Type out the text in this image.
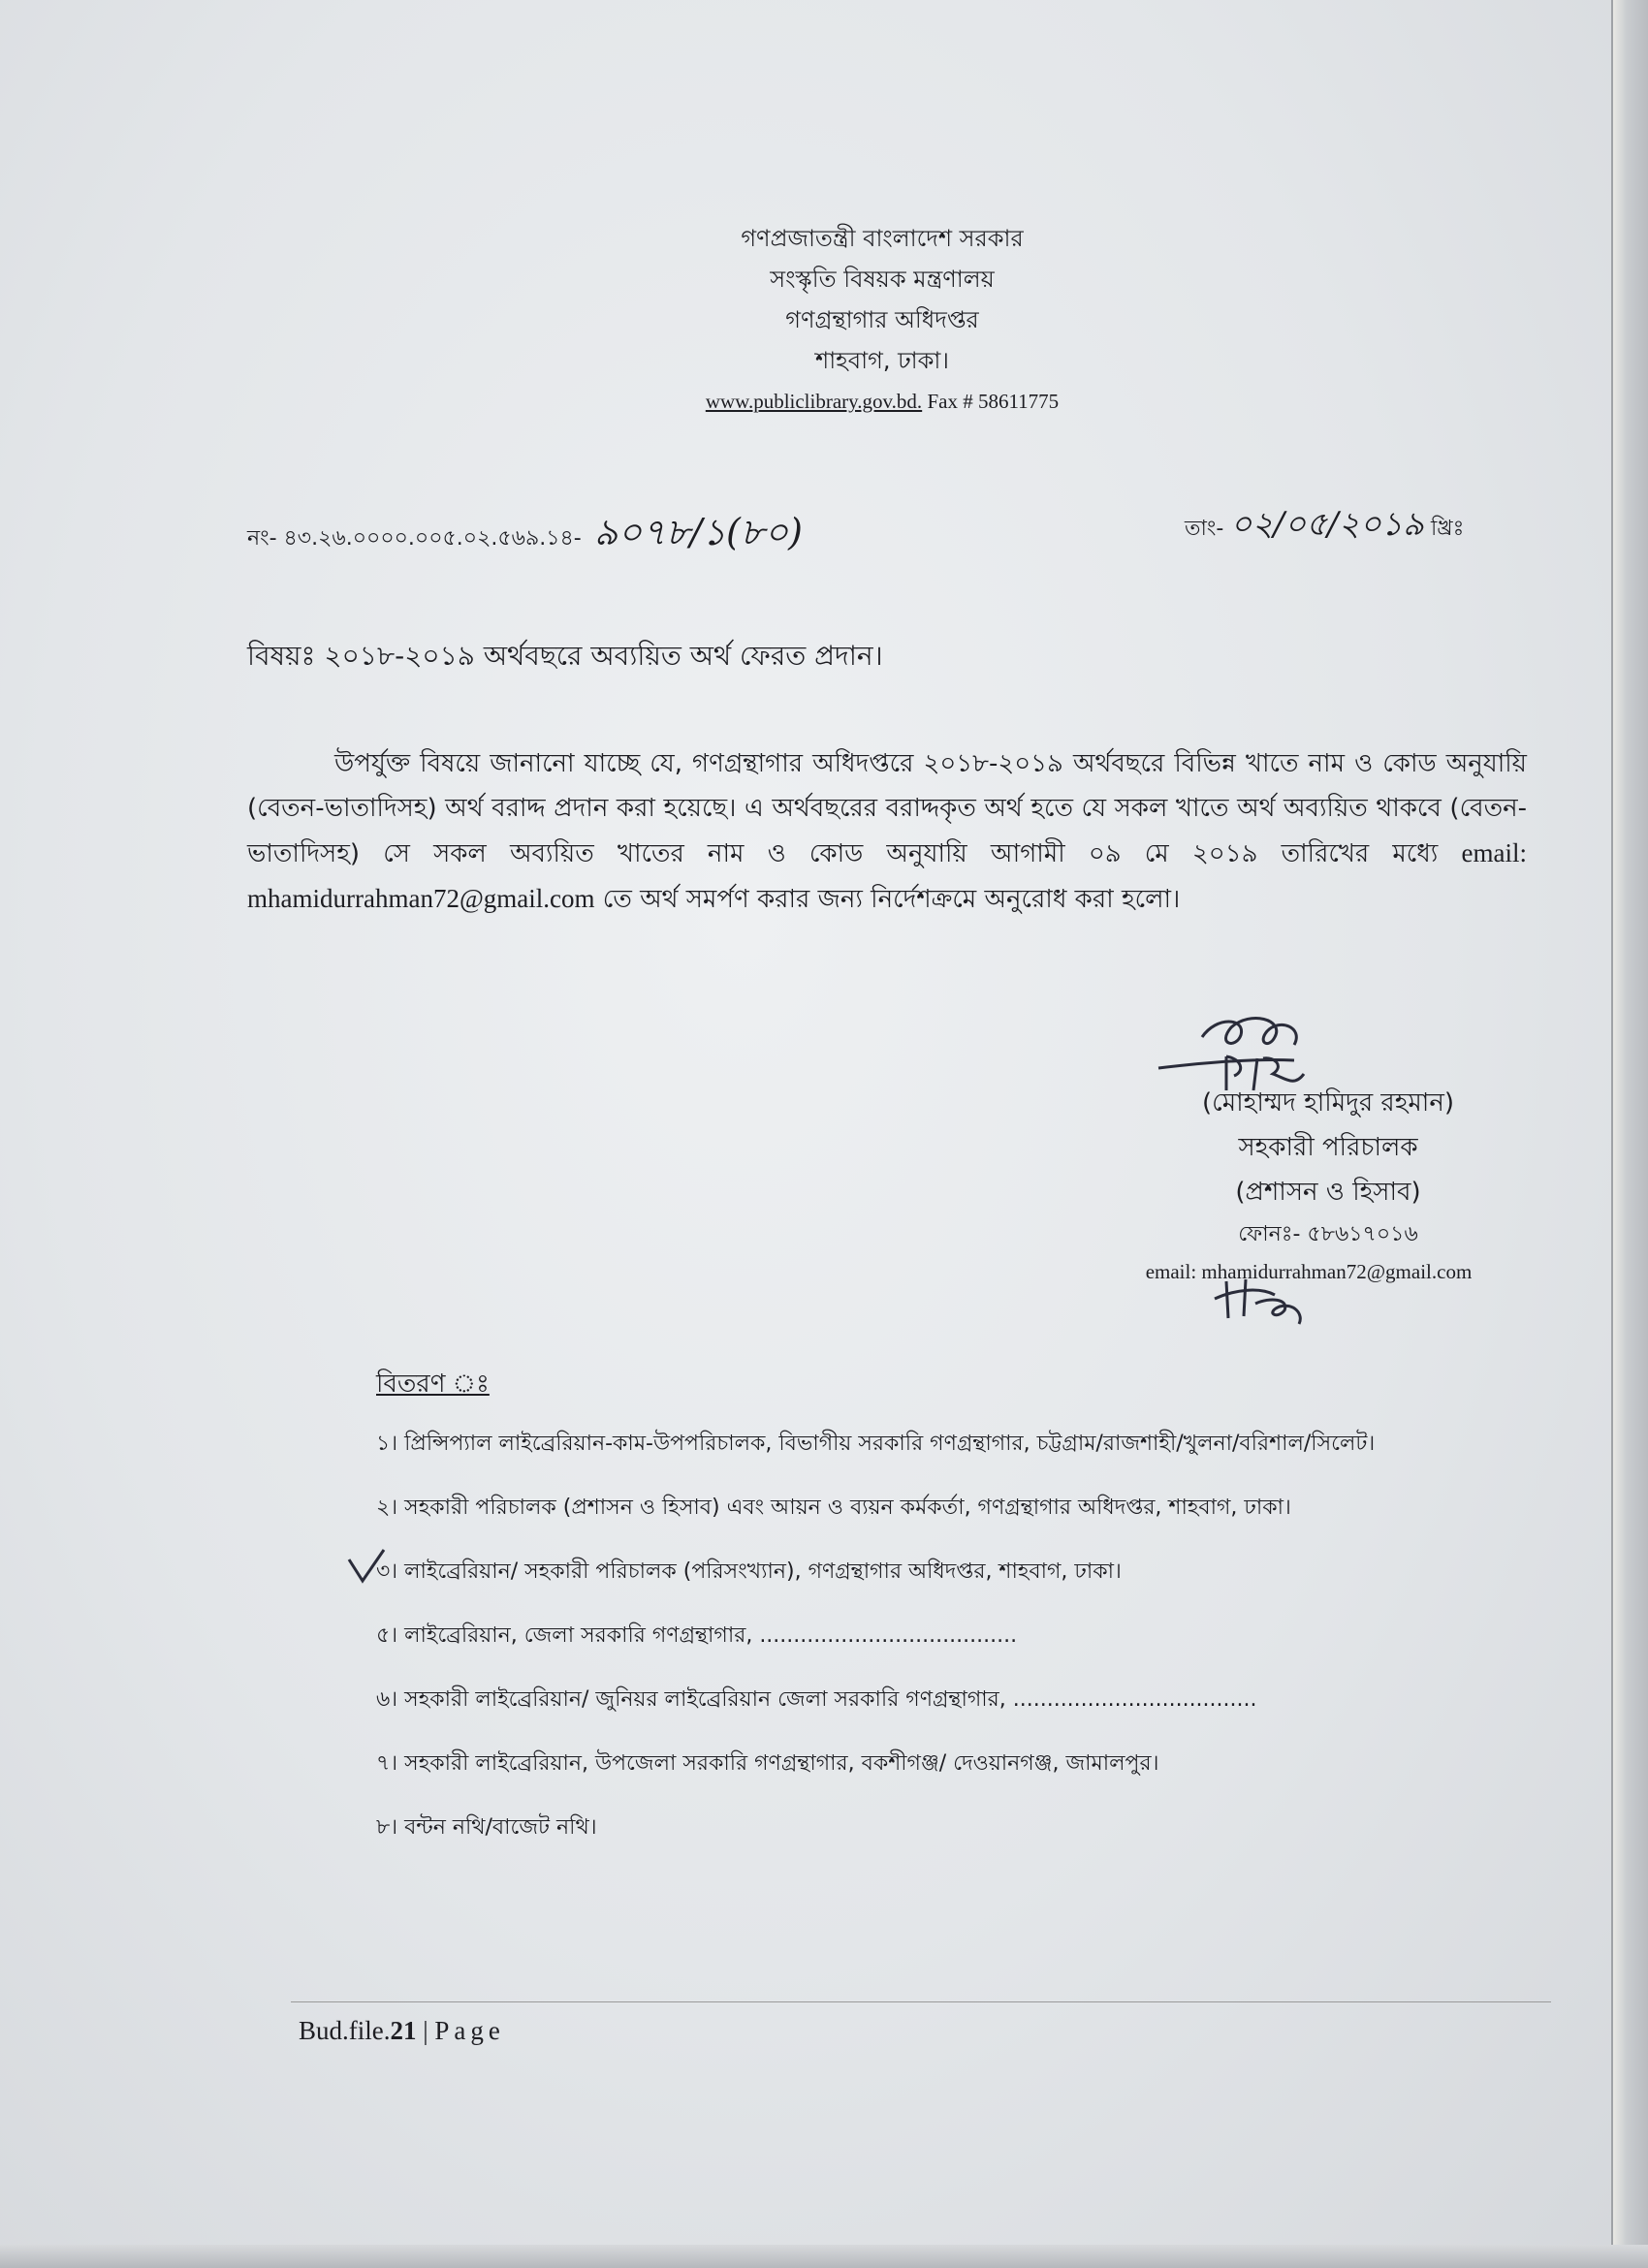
গণপ্রজাতন্ত্রী বাংলাদেশ সরকার
সংস্কৃতি বিষয়ক মন্ত্রণালয়
গণগ্রন্থাগার অধিদপ্তর
শাহবাগ, ঢাকা।
www.publiclibrary.gov.bd. Fax # 58611775
নং- ৪৩.২৬.০০০০.০০৫.০২.৫৬৯.১৪- ৯০৭৮/১(৮০)	তাং- ০২/০৫/২০১৯ খ্রিঃ
বিষয়ঃ ২০১৮-২০১৯ অর্থবছরে অব্যয়িত অর্থ ফেরত প্রদান।
উপর্যুক্ত বিষয়ে জানানো যাচ্ছে যে, গণগ্রন্থাগার অধিদপ্তরে ২০১৮-২০১৯ অর্থবছরে বিভিন্ন খাতে নাম ও কোড অনুযায়ি (বেতন-ভাতাদিসহ) অর্থ বরাদ্দ প্রদান করা হয়েছে। এ অর্থবছরের বরাদ্দকৃত অর্থ হতে যে সকল খাতে অর্থ অব্যয়িত থাকবে (বেতন-ভাতাদিসহ) সে সকল অব্যয়িত খাতের নাম ও কোড অনুযায়ি আগামী ০৯ মে ২০১৯ তারিখের মধ্যে email: mhamidurrahman72@gmail.com তে অর্থ সমর্পণ করার জন্য নির্দেশক্রমে অনুরোধ করা হলো।
(মোহাম্মদ হামিদুর রহমান)
সহকারী পরিচালক
(প্রশাসন ও হিসাব)
ফোনঃ- ৫৮৬১৭০১৬
email: mhamidurrahman72@gmail.com
বিতরণ ঃ
১। প্রিন্সিপ্যাল লাইব্রেরিয়ান-কাম-উপপরিচালক, বিভাগীয় সরকারি গণগ্রন্থাগার, চট্টগ্রাম/রাজশাহী/খুলনা/বরিশাল/সিলেট।
২। সহকারী পরিচালক (প্রশাসন ও হিসাব) এবং আয়ন ও ব্যয়ন কর্মকর্তা, গণগ্রন্থাগার অধিদপ্তর, শাহবাগ, ঢাকা।
৩। লাইব্রেরিয়ান/ সহকারী পরিচালক (পরিসংখ্যান), গণগ্রন্থাগার অধিদপ্তর, শাহবাগ, ঢাকা।
৫। লাইব্রেরিয়ান, জেলা সরকারি গণগ্রন্থাগার, ......................................
৬। সহকারী লাইব্রেরিয়ান/ জুনিয়র লাইব্রেরিয়ান জেলা সরকারি গণগ্রন্থাগার, ....................................
৭। সহকারী লাইব্রেরিয়ান, উপজেলা সরকারি গণগ্রন্থাগার, বকশীগঞ্জ/ দেওয়ানগঞ্জ, জামালপুর।
৮। বন্টন নথি/বাজেট নথি।
Bud.file.21 | Page
